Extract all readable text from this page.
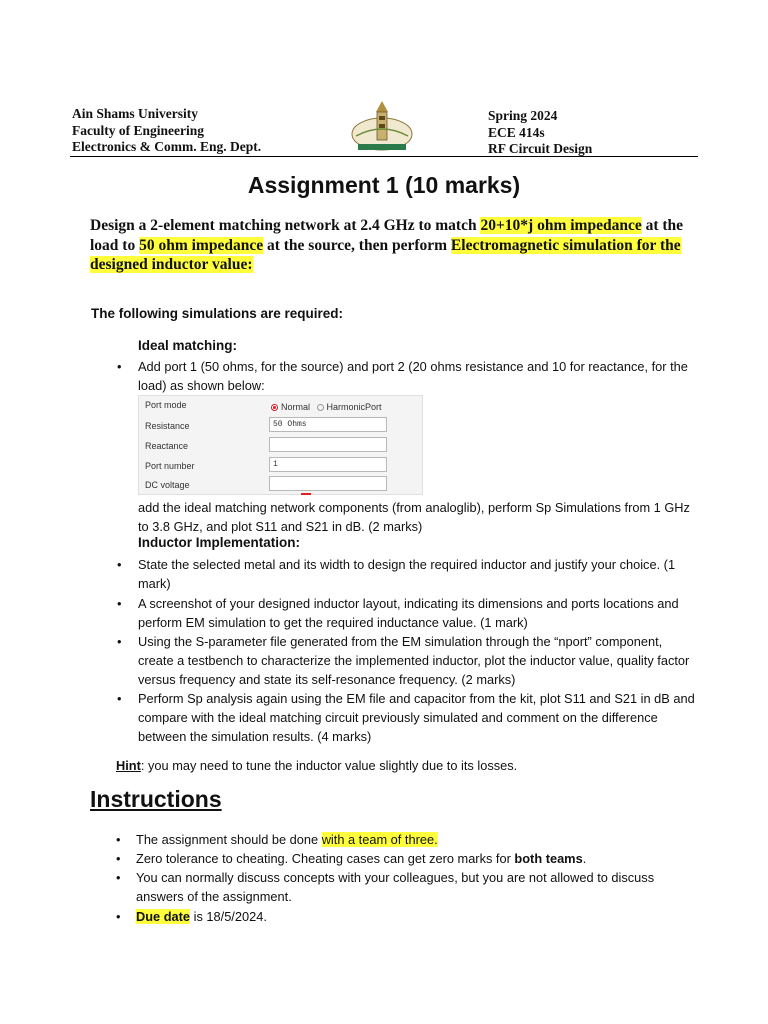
Ain Shams University
Faculty of Engineering
Electronics & Comm. Eng. Dept.
Spring 2024
ECE 414s
RF Circuit Design
Assignment 1 (10 marks)
Design a 2-element matching network at 2.4 GHz to match 20+10*j ohm impedance at the load to 50 ohm impedance at the source, then perform Electromagnetic simulation for the designed inductor value:
The following simulations are required:
Ideal matching:
• Add port 1 (50 ohms, for the source) and port 2 (20 ohms resistance and 10 for reactance, for the load) as shown below:
Port mode	Normal HarmonicPort
Resistance	50 Ohms
Reactance
Port number	1
DC voltage
add the ideal matching network components (from analoglib), perform Sp Simulations from 1 GHz to 3.8 GHz, and plot S11 and S21 in dB. (2 marks)
Inductor Implementation:
• State the selected metal and its width to design the required inductor and justify your choice. (1 mark)
• A screenshot of your designed inductor layout, indicating its dimensions and ports locations and perform EM simulation to get the required inductance value. (1 mark)
• Using the S-parameter file generated from the EM simulation through the “nport” component, create a testbench to characterize the implemented inductor, plot the inductor value, quality factor versus frequency and state its self-resonance frequency. (2 marks)
• Perform Sp analysis again using the EM file and capacitor from the kit, plot S11 and S21 in dB and compare with the ideal matching circuit previously simulated and comment on the difference between the simulation results. (4 marks)
Hint: you may need to tune the inductor value slightly due to its losses.
Instructions
• The assignment should be done with a team of three.
• Zero tolerance to cheating. Cheating cases can get zero marks for both teams.
• You can normally discuss concepts with your colleagues, but you are not allowed to discuss answers of the assignment.
• Due date is 18/5/2024.
